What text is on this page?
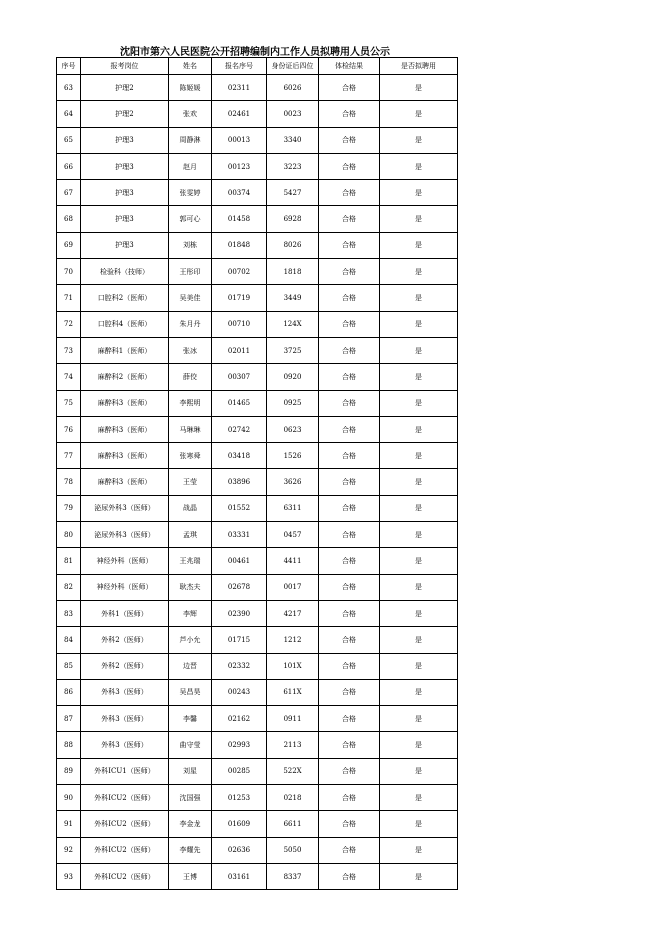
沈阳市第六人民医院公开招聘编制内工作人员拟聘用人员公示
序号	报考岗位	姓名	报名序号	身份证后四位	体检结果	是否拟聘用
63	护理2	陈姬媛	02311	6026	合格	是
64	护理2	张欢	02461	0023	合格	是
65	护理3	周静淋	00013	3340	合格	是
66	护理3	赵月	00123	3223	合格	是
67	护理3	张雯婷	00374	5427	合格	是
68	护理3	郭可心	01458	6928	合格	是
69	护理3	刘栋	01848	8026	合格	是
70	检验科（技师）	王彤印	00702	1818	合格	是
71	口腔科2（医师）	吴美佳	01719	3449	合格	是
72	口腔科4（医师）	朱月丹	00710	124X	合格	是
73	麻醉科1（医师）	张冰	02011	3725	合格	是
74	麻醉科2（医师）	薛佼	00307	0920	合格	是
75	麻醉科3（医师）	李熙明	01465	0925	合格	是
76	麻醉科3（医师）	马琳琳	02742	0623	合格	是
77	麻醉科3（医师）	张寒舜	03418	1526	合格	是
78	麻醉科3（医师）	王莹	03896	3626	合格	是
79	泌尿外科3（医师）	战晶	01552	6311	合格	是
80	泌尿外科3（医师）	孟琪	03331	0457	合格	是
81	神经外科（医师）	王兆瑞	00461	4411	合格	是
82	神经外科（医师）	耿杰夫	02678	0017	合格	是
83	外科1（医师）	李辉	02390	4217	合格	是
84	外科2（医师）	芦小允	01715	1212	合格	是
85	外科2（医师）	边晋	02332	101X	合格	是
86	外科3（医师）	吴昌昊	00243	611X	合格	是
87	外科3（医师）	李馨	02162	0911	合格	是
88	外科3（医师）	曲守莹	02993	2113	合格	是
89	外科ICU1（医师）	刘星	00285	522X	合格	是
90	外科ICU2（医师）	沈国强	01253	0218	合格	是
91	外科ICU2（医师）	李金龙	01609	6611	合格	是
92	外科ICU2（医师）	李耀先	02636	5050	合格	是
93	外科ICU2（医师）	王博	03161	8337	合格	是
